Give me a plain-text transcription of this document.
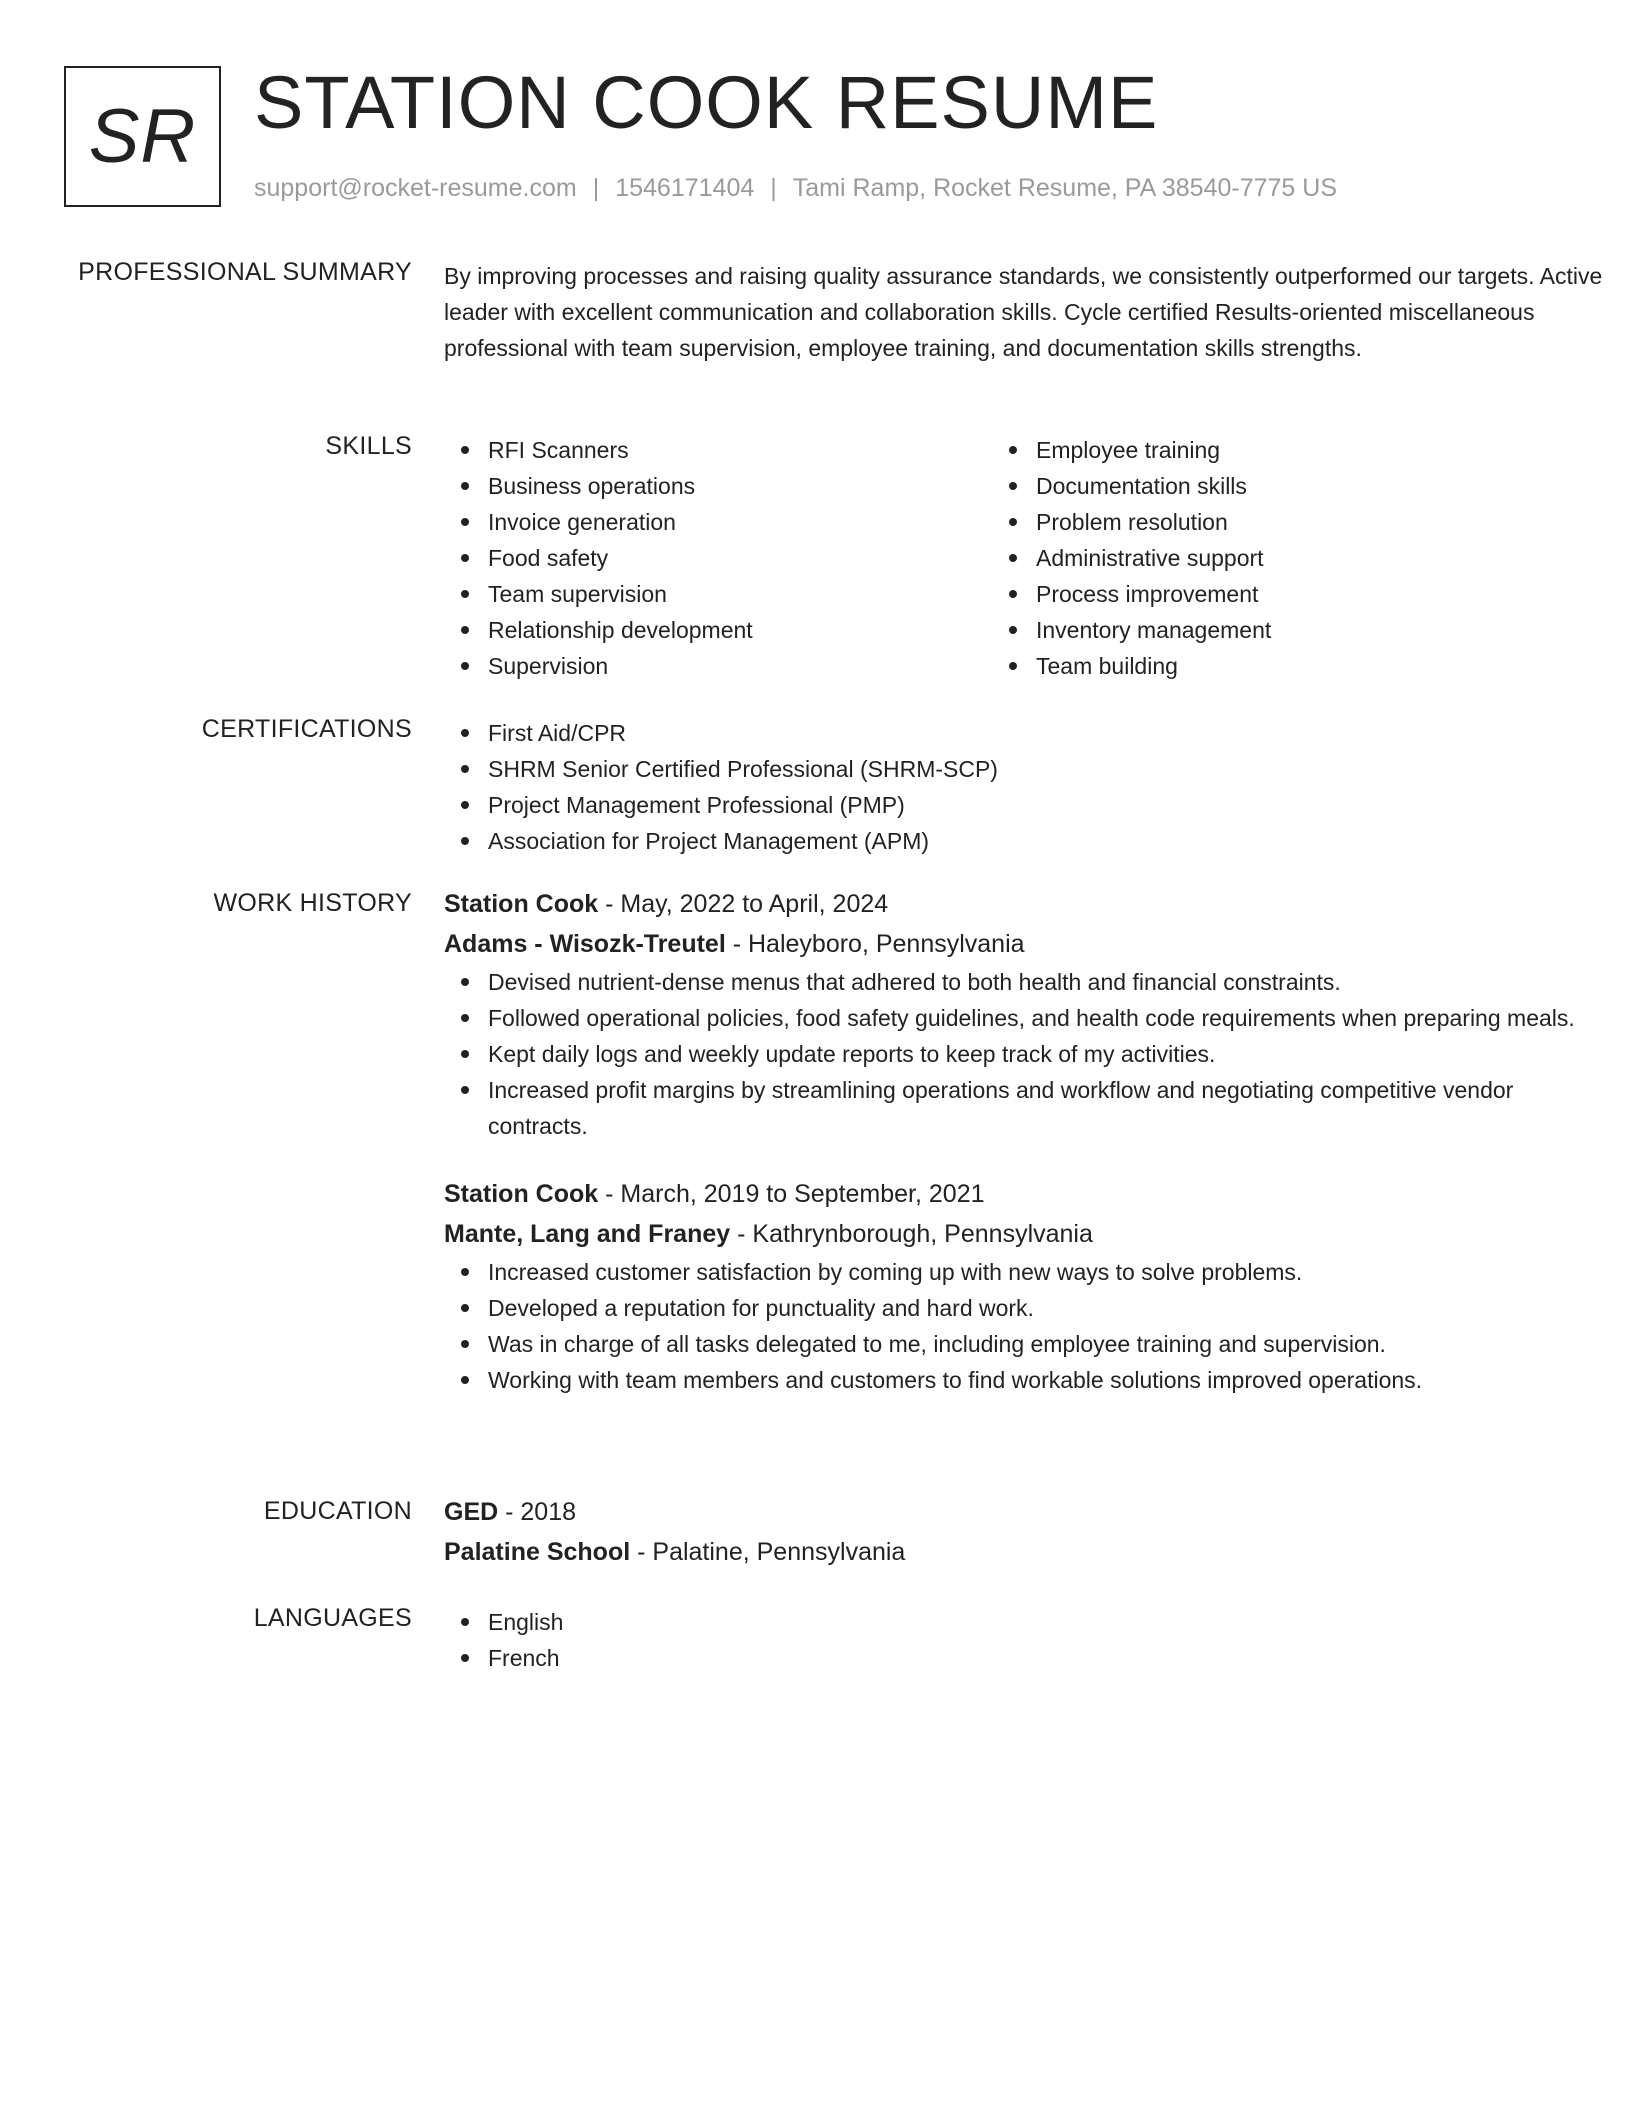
SR STATION COOK RESUME
support@rocket-resume.com | 1546171404 | Tami Ramp, Rocket Resume, PA 38540-7775 US
PROFESSIONAL SUMMARY By improving processes and raising quality assurance standards, we consistently outperformed our targets. Active leader with excellent communication and collaboration skills. Cycle certified Results-oriented miscellaneous professional with team supervision, employee training, and documentation skills strengths.

SKILLS	RFI Scanners
Business operations
Invoice generation
Food safety
Team supervision
Relationship development
Supervision
Employee training
Documentation skills
Problem resolution
Administrative support
Process improvement
Inventory management
Team building
CERTIFICATIONS	First Aid/CPR
SHRM Senior Certified Professional (SHRM-SCP)
Project Management Professional (PMP)
Association for Project Management (APM)
WORK HISTORY Station Cook - May, 2022 to April, 2024
Adams - Wisozk-Treutel - Haleyboro, Pennsylvania
Devised nutrient-dense menus that adhered to both health and financial constraints.
Followed operational policies, food safety guidelines, and health code requirements when preparing meals.
Kept daily logs and weekly update reports to keep track of my activities.
Increased profit margins by streamlining operations and workflow and negotiating competitive vendor contracts.
Station Cook - March, 2019 to September, 2021
Mante, Lang and Franey - Kathrynborough, Pennsylvania
Increased customer satisfaction by coming up with new ways to solve problems.
Developed a reputation for punctuality and hard work.
Was in charge of all tasks delegated to me, including employee training and supervision.
Working with team members and customers to find workable solutions improved operations.
EDUCATION GED - 2018
Palatine School - Palatine, Pennsylvania
LANGUAGES	English
French
